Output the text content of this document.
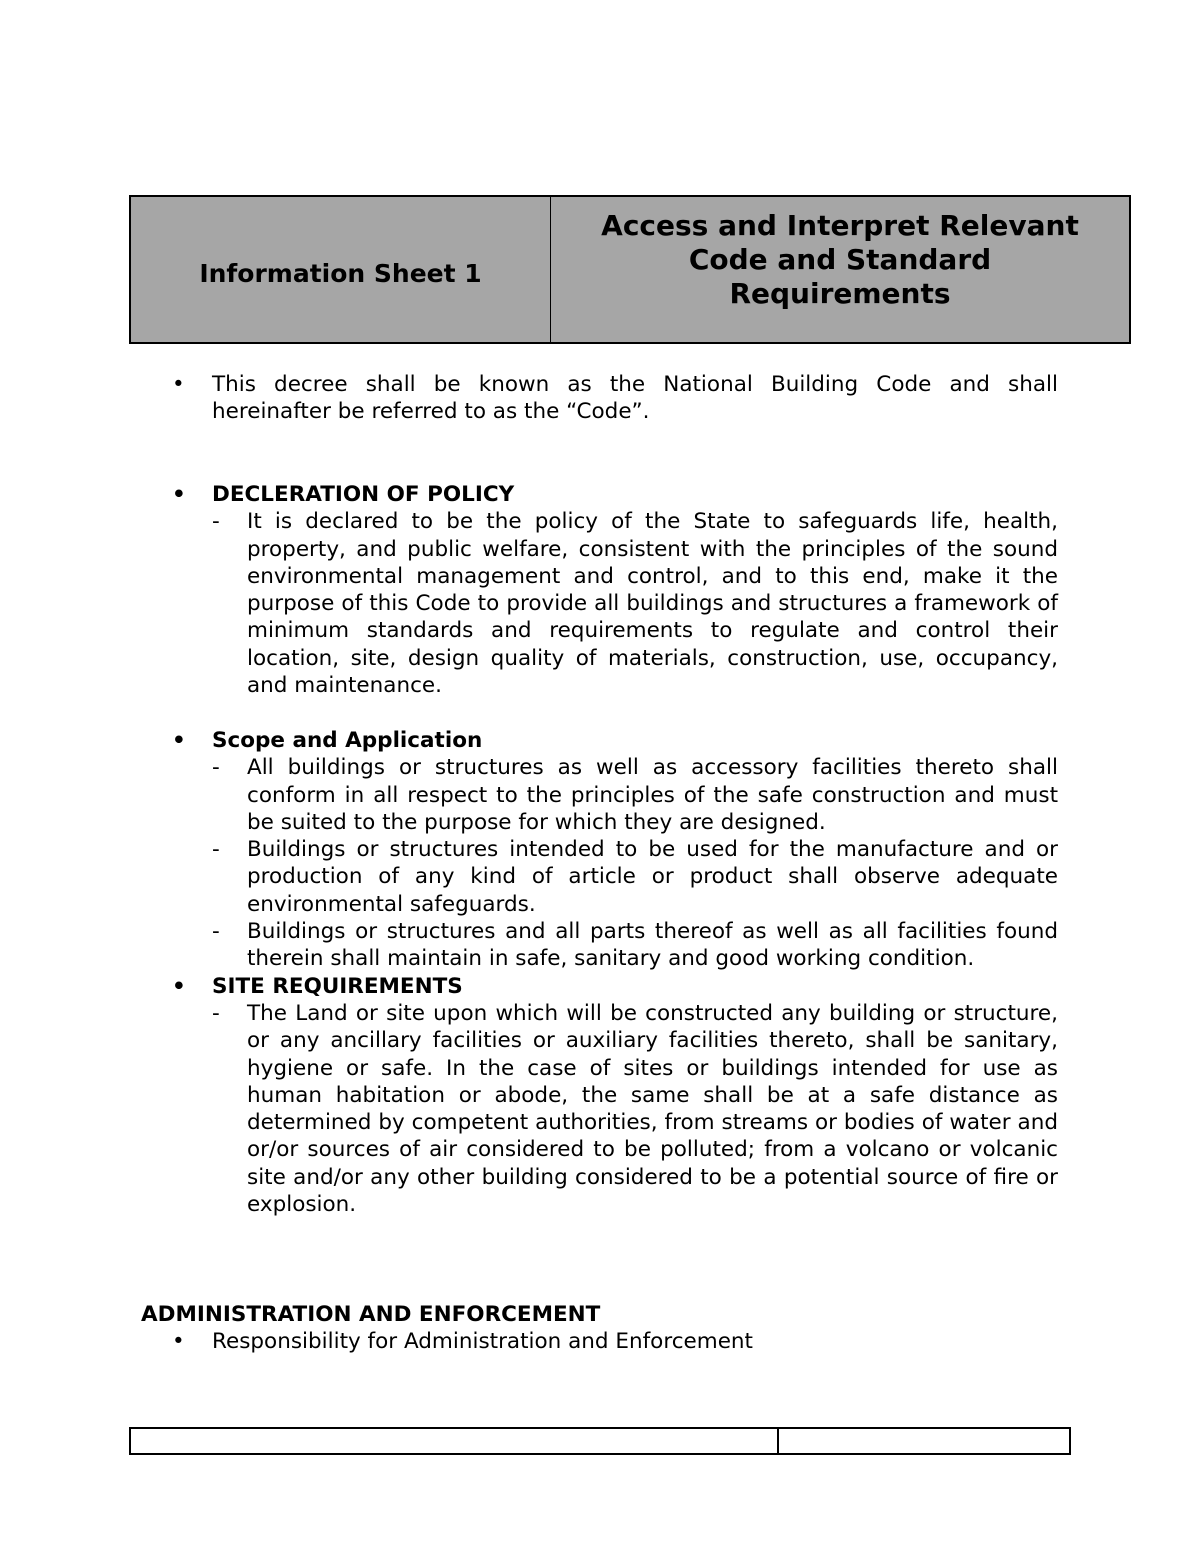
Information Sheet 1
Access and Interpret Relevant
Code and Standard
Requirements
• This decree shall be known as the National Building Code and shall hereinafter be referred to as the “Code”.
• DECLERATION OF POLICY
- It is declared to be the policy of the State to safeguards life, health, property, and public welfare, consistent with the principles of the sound environmental management and control, and to this end, make it the purpose of this Code to provide all buildings and structures a framework of minimum standards and requirements to regulate and control their location, site, design quality of materials, construction, use, occupancy, and maintenance.
• Scope and Application
- All buildings or structures as well as accessory facilities thereto shall conform in all respect to the principles of the safe construction and must be suited to the purpose for which they are designed.
- Buildings or structures intended to be used for the manufacture and or production of any kind of article or product shall observe adequate environmental safeguards.
- Buildings or structures and all parts thereof as well as all facilities found therein shall maintain in safe, sanitary and good working condition.
• SITE REQUIREMENTS
- The Land or site upon which will be constructed any building or structure, or any ancillary facilities or auxiliary facilities thereto, shall be sanitary, hygiene or safe. In the case of sites or buildings intended for use as human habitation or abode, the same shall be at a safe distance as determined by competent authorities, from streams or bodies of water and or/or sources of air considered to be polluted; from a volcano or volcanic site and/or any other building considered to be a potential source of fire or explosion.
ADMINISTRATION AND ENFORCEMENT
• Responsibility for Administration and Enforcement
